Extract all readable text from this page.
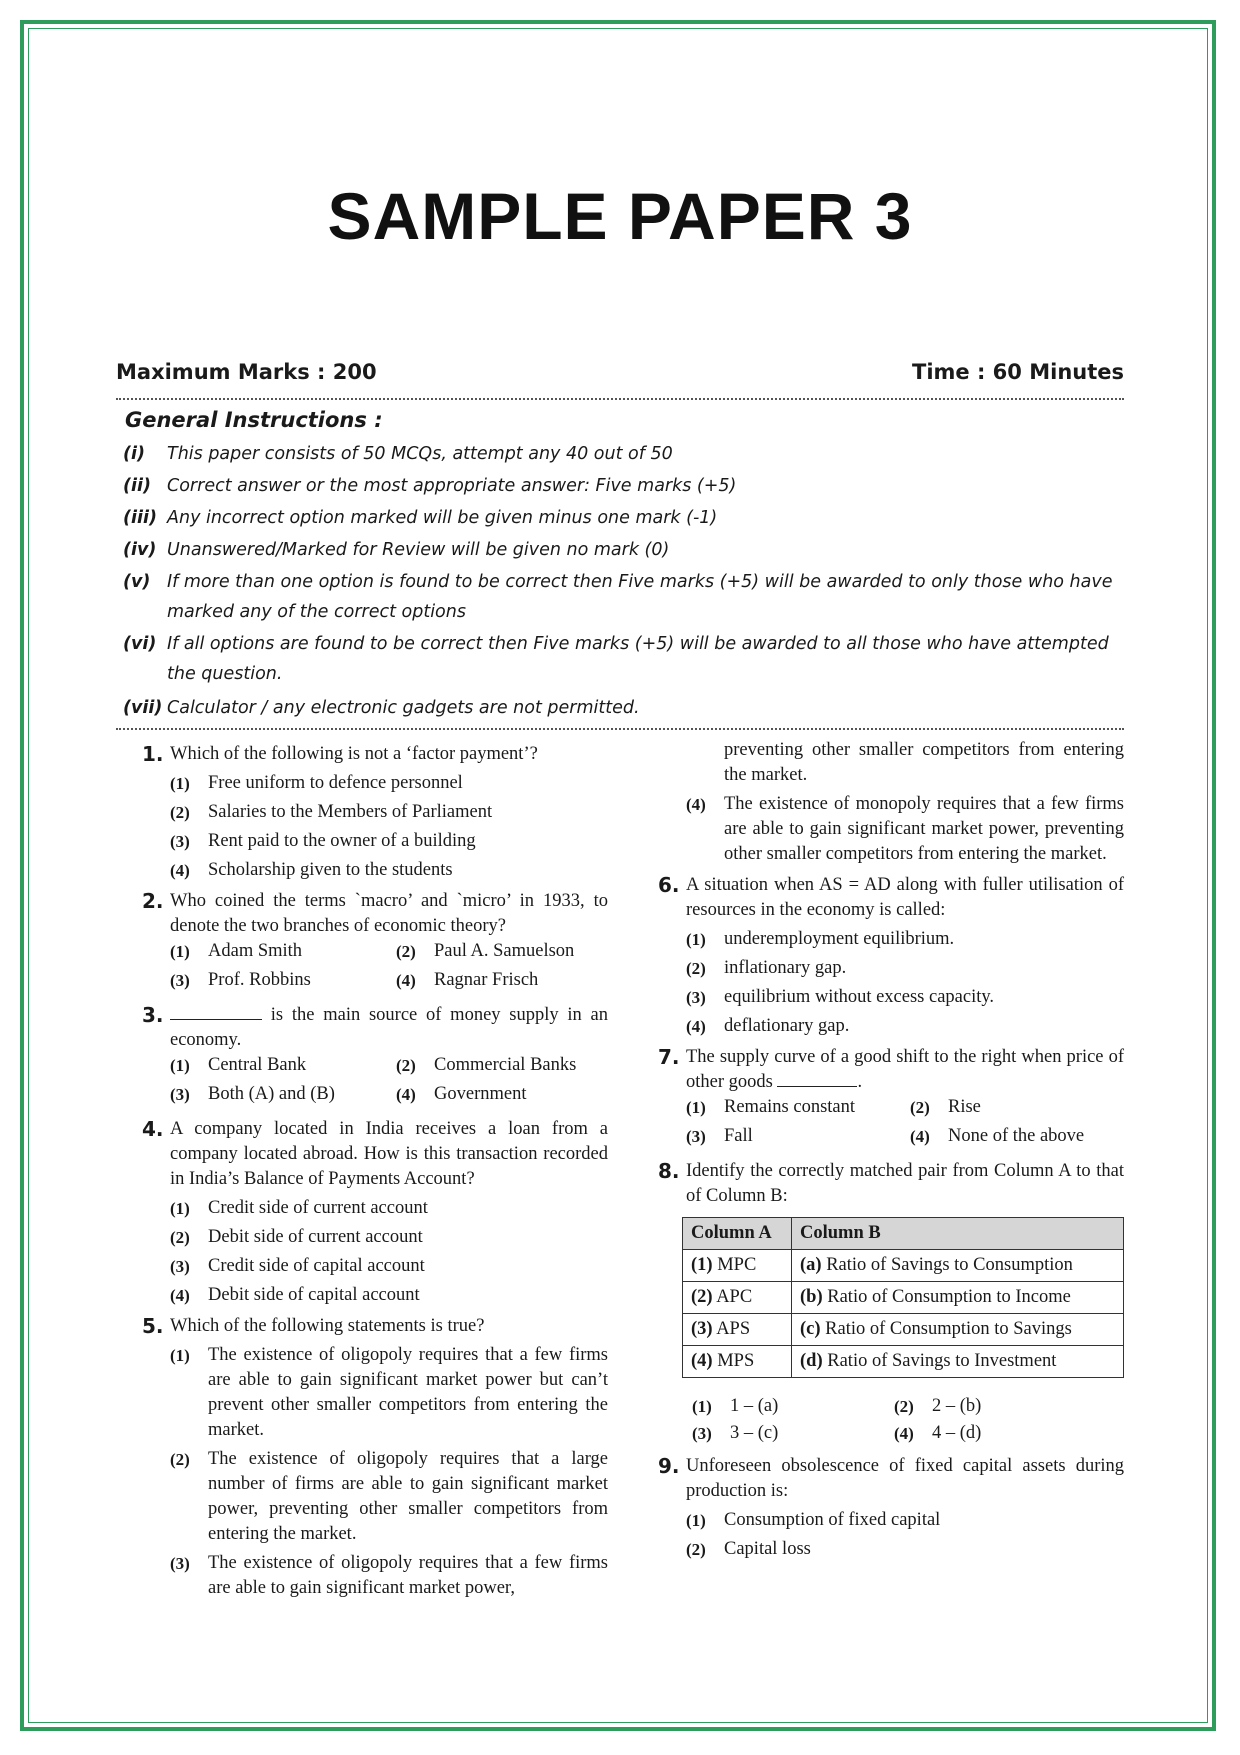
SAMPLE PAPER 3
Maximum Marks : 200	Time : 60 Minutes
General Instructions :
(i) This paper consists of 50 MCQs, attempt any 40 out of 50
(ii) Correct answer or the most appropriate answer: Five marks (+5)
(iii) Any incorrect option marked will be given minus one mark (-1)
(iv) Unanswered/Marked for Review will be given no mark (0)
(v) If more than one option is found to be correct then Five marks (+5) will be awarded to only those who have marked any of the correct options
(vi) If all options are found to be correct then Five marks (+5) will be awarded to all those who have attempted the question.
(vii) Calculator / any electronic gadgets are not permitted.
1. Which of the following is not a ‘factor payment’?
(1) Free uniform to defence personnel
(2) Salaries to the Members of Parliament
(3) Rent paid to the owner of a building
(4) Scholarship given to the students
2. Who coined the terms `macro’ and `micro’ in 1933, to denote the two branches of economic theory?
(1) Adam Smith	(2) Paul A. Samuelson
(3) Prof. Robbins	(4) Ragnar Frisch
3.	is the main source of money supply in an economy.
(1) Central Bank	(2) Commercial Banks
(3) Both (A) and (B)	(4) Government
4. A company located in India receives a loan from a company located abroad. How is this transaction recorded in India’s Balance of Payments Account?
(1) Credit side of current account
(2) Debit side of current account
(3) Credit side of capital account
(4) Debit side of capital account
5. Which of the following statements is true?
(1) The existence of oligopoly requires that a few firms are able to gain significant market power but can’t prevent other smaller competitors from entering the market.
(2) The existence of oligopoly requires that a large number of firms are able to gain significant market power, preventing other smaller competitors from entering the market.
(3) The existence of oligopoly requires that a few firms are able to gain significant market power,
preventing other smaller competitors from entering the market.
(4) The existence of monopoly requires that a few firms are able to gain significant market power, preventing other smaller competitors from entering the market.
6. A situation when AS = AD along with fuller utilisation of resources in the economy is called:
(1) underemployment equilibrium.
(2) inflationary gap.
(3) equilibrium without excess capacity.
(4) deflationary gap.
7. The supply curve of a good shift to the right when price of other goods	.
(1) Remains constant	(2) Rise
(3) Fall	(4) None of the above
8. Identify the correctly matched pair from Column A to that of Column B:
Column A	Column B
(1) MPC	(a) Ratio of Savings to Consumption
(2) APC	(b) Ratio of Consumption to Income
(3) APS	(c) Ratio of Consumption to Savings
(4) MPS	(d) Ratio of Savings to Investment
(1) 1 – (a)	(2) 2 – (b)
(3) 3 – (c)	(4) 4 – (d)
9. Unforeseen obsolescence of fixed capital assets during production is:
(1) Consumption of fixed capital
(2) Capital loss
